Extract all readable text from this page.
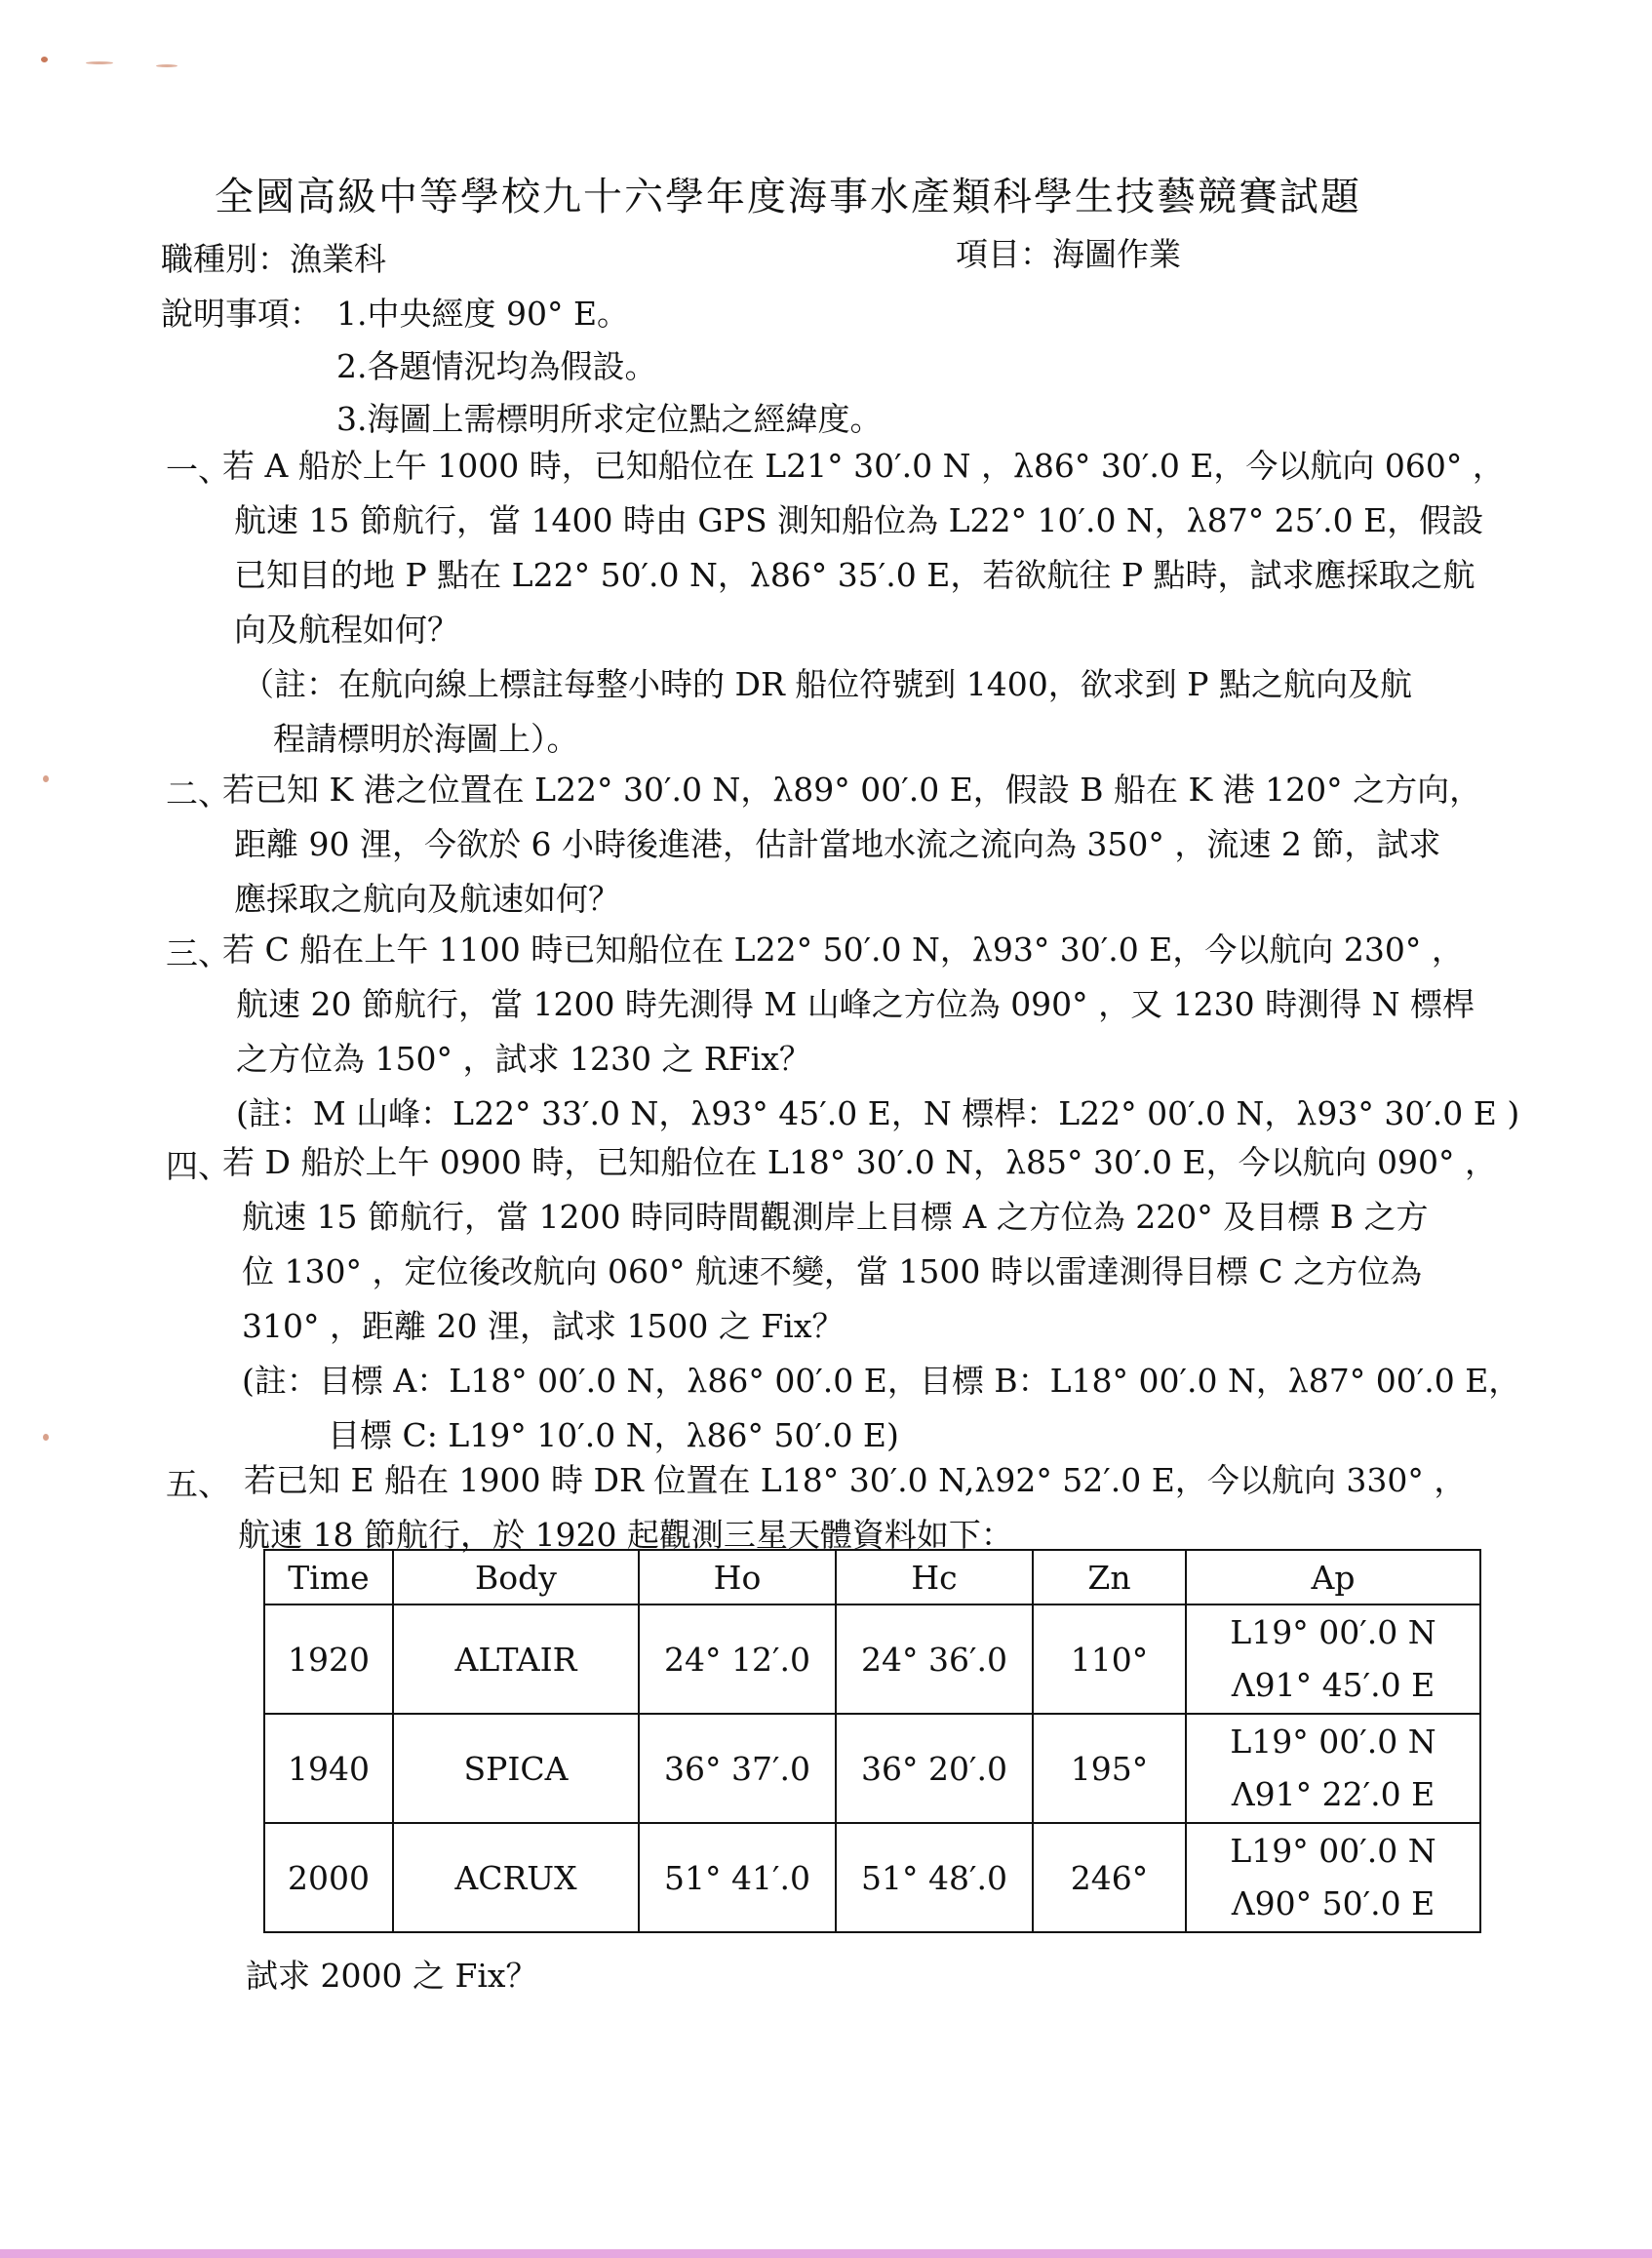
全國高級中等學校九十六學年度海事水產類科學生技藝競賽試題
職種別：漁業科	項目：海圖作業
說明事項： 1.中央經度 90° E。
2.各題情況均為假設。
3.海圖上需標明所求定位點之經緯度。
一、
若 A 船於上午 1000 時，已知船位在 L21° 30′.0 N ，λ86° 30′.0 E，今以航向 060° ，
航速 15 節航行，當 1400 時由 GPS 測知船位為 L22° 10′.0 N，λ87° 25′.0 E，假設
已知目的地 P 點在 L22° 50′.0 N，λ86° 35′.0 E，若欲航往 P 點時，試求應採取之航
向及航程如何？
（註：在航向線上標註每整小時的 DR 船位符號到 1400，欲求到 P 點之航向及航
程請標明於海圖上）。
二、
若已知 K 港之位置在 L22° 30′.0 N，λ89° 00′.0 E，假設 B 船在 K 港 120° 之方向，
距離 90 浬，今欲於 6 小時後進港，估計當地水流之流向為 350° ，流速 2 節，試求
應採取之航向及航速如何？
三、
若 C 船在上午 1100 時已知船位在 L22° 50′.0 N，λ93° 30′.0 E，今以航向 230° ，
航速 20 節航行，當 1200 時先測得 M 山峰之方位為 090° ，又 1230 時測得 N 標桿
之方位為 150° ，試求 1230 之 RFix？
(註：M 山峰：L22° 33′.0 N，λ93° 45′.0 E，N 標桿：L22° 00′.0 N，λ93° 30′.0 E )
四、
若 D 船於上午 0900 時，已知船位在 L18° 30′.0 N，λ85° 30′.0 E，今以航向 090° ，
航速 15 節航行，當 1200 時同時間觀測岸上目標 A 之方位為 220° 及目標 B 之方
位 130° ，定位後改航向 060° 航速不變，當 1500 時以雷達測得目標 C 之方位為
310° ，距離 20 浬，試求 1500 之 Fix？
(註：目標 A：L18° 00′.0 N，λ86° 00′.0 E，目標 B：L18° 00′.0 N，λ87° 00′.0 E，
目標 C: L19° 10′.0 N，λ86° 50′.0 E)
五、 若已知 E 船在 1900 時 DR 位置在 L18° 30′.0 N,λ92° 52′.0 E，今以航向 330° ，
航速 18 節航行，於 1920 起觀測三星天體資料如下：
Time	Body	Ho	Hc	Zn	Ap
1920	ALTAIR	24° 12′.0	24° 36′.0	110°	L19° 00′.0 N
Λ91° 45′.0 E

1940	SPICA	36° 37′.0	36° 20′.0	195°	L19° 00′.0 N
Λ91° 22′.0 E

2000	ACRUX	51° 41′.0	51° 48′.0	246°	L19° 00′.0 N
Λ90° 50′.0 E
試求 2000 之 Fix？
